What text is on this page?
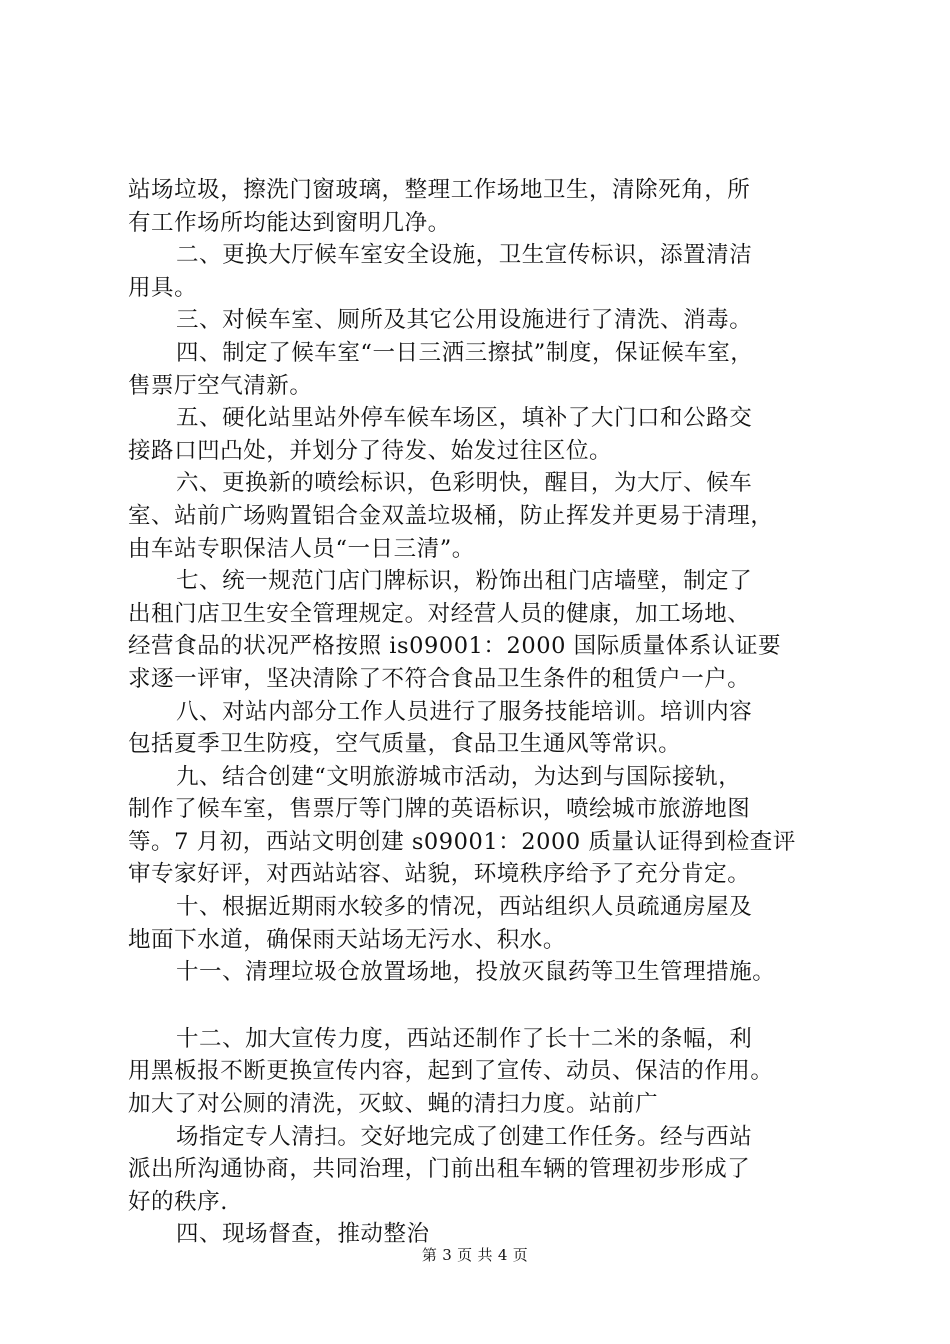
站场垃圾，擦洗门窗玻璃，整理工作场地卫生，清除死角，所
有工作场所均能达到窗明几净。
二、更换大厅候车室安全设施，卫生宣传标识，添置清洁
用具。
三、对候车室、厕所及其它公用设施进行了清洗、消毒。
四、制定了候车室“一日三洒三擦拭”制度，保证候车室，
售票厅空气清新。
五、硬化站里站外停车候车场区，填补了大门口和公路交
接路口凹凸处，并划分了待发、始发过往区位。
六、更换新的喷绘标识，色彩明快，醒目，为大厅、候车
室、站前广场购置铝合金双盖垃圾桶，防止挥发并更易于清理，
由车站专职保洁人员“一日三清”。
七、统一规范门店门牌标识，粉饰出租门店墙壁，制定了
出租门店卫生安全管理规定。对经营人员的健康，加工场地、
经营食品的状况严格按照 is09001：2000 国际质量体系认证要
求逐一评审，坚决清除了不符合食品卫生条件的租赁户一户。
八、对站内部分工作人员进行了服务技能培训。培训内容
包括夏季卫生防疫，空气质量，食品卫生通风等常识。
九、结合创建“文明旅游城市活动，为达到与国际接轨，
制作了候车室，售票厅等门牌的英语标识，喷绘城市旅游地图
等。7 月初，西站文明创建 s09001：2000 质量认证得到检查评
审专家好评，对西站站容、站貌，环境秩序给予了充分肯定。
十、根据近期雨水较多的情况，西站组织人员疏通房屋及
地面下水道，确保雨天站场无污水、积水。
十一、清理垃圾仓放置场地，投放灭鼠药等卫生管理措施。
十二、加大宣传力度，西站还制作了长十二米的条幅，利
用黑板报不断更换宣传内容，起到了宣传、动员、保洁的作用。
加大了对公厕的清洗，灭蚊、蝇的清扫力度。站前广
场指定专人清扫。交好地完成了创建工作任务。经与西站
派出所沟通协商，共同治理，门前出租车辆的管理初步形成了
好的秩序.
四、现场督查，推动整治
第 3 页 共 4 页
